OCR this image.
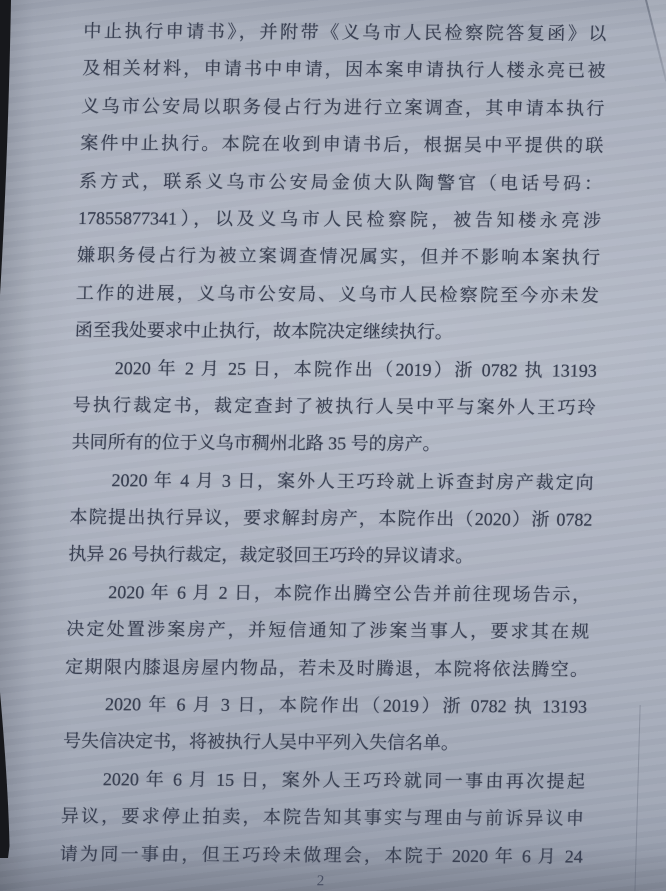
中止执行申请书》，并附带《义乌市人民检察院答复函》以
及相关材料，申请书中申请，因本案申请执行人楼永亮已被
义乌市公安局以职务侵占行为进行立案调查，其申请本执行
案件中止执行。本院在收到申请书后，根据吴中平提供的联
系方式，联系义乌市公安局金侦大队陶警官（电话号码：
17855877341），以及义乌市人民检察院，被告知楼永亮涉
嫌职务侵占行为被立案调查情况属实，但并不影响本案执行
工作的进展，义乌市公安局、义乌市人民检察院至今亦未发
函至我处要求中止执行，故本院决定继续执行。
2020 年 2 月 25 日，本院作出（2019）浙 0782 执 13193
号执行裁定书，裁定查封了被执行人吴中平与案外人王巧玲
共同所有的位于义乌市稠州北路 35 号的房产。
2020 年 4 月 3 日，案外人王巧玲就上诉查封房产裁定向
本院提出执行异议，要求解封房产，本院作出（2020）浙 0782
执异 26 号执行裁定，裁定驳回王巧玲的异议请求。
2020 年 6 月 2 日，本院作出腾空公告并前往现场告示，
决定处置涉案房产，并短信通知了涉案当事人，要求其在规
定期限内膝退房屋内物品，若未及时腾退，本院将依法腾空。
2020 年 6 月 3 日，本院作出（2019）浙 0782 执 13193
号失信决定书，将被执行人吴中平列入失信名单。
2020 年 6 月 15 日，案外人王巧玲就同一事由再次提起
异议，要求停止拍卖，本院告知其事实与理由与前诉异议申
请为同一事由，但王巧玲未做理会，本院于 2020 年 6 月 24
2
